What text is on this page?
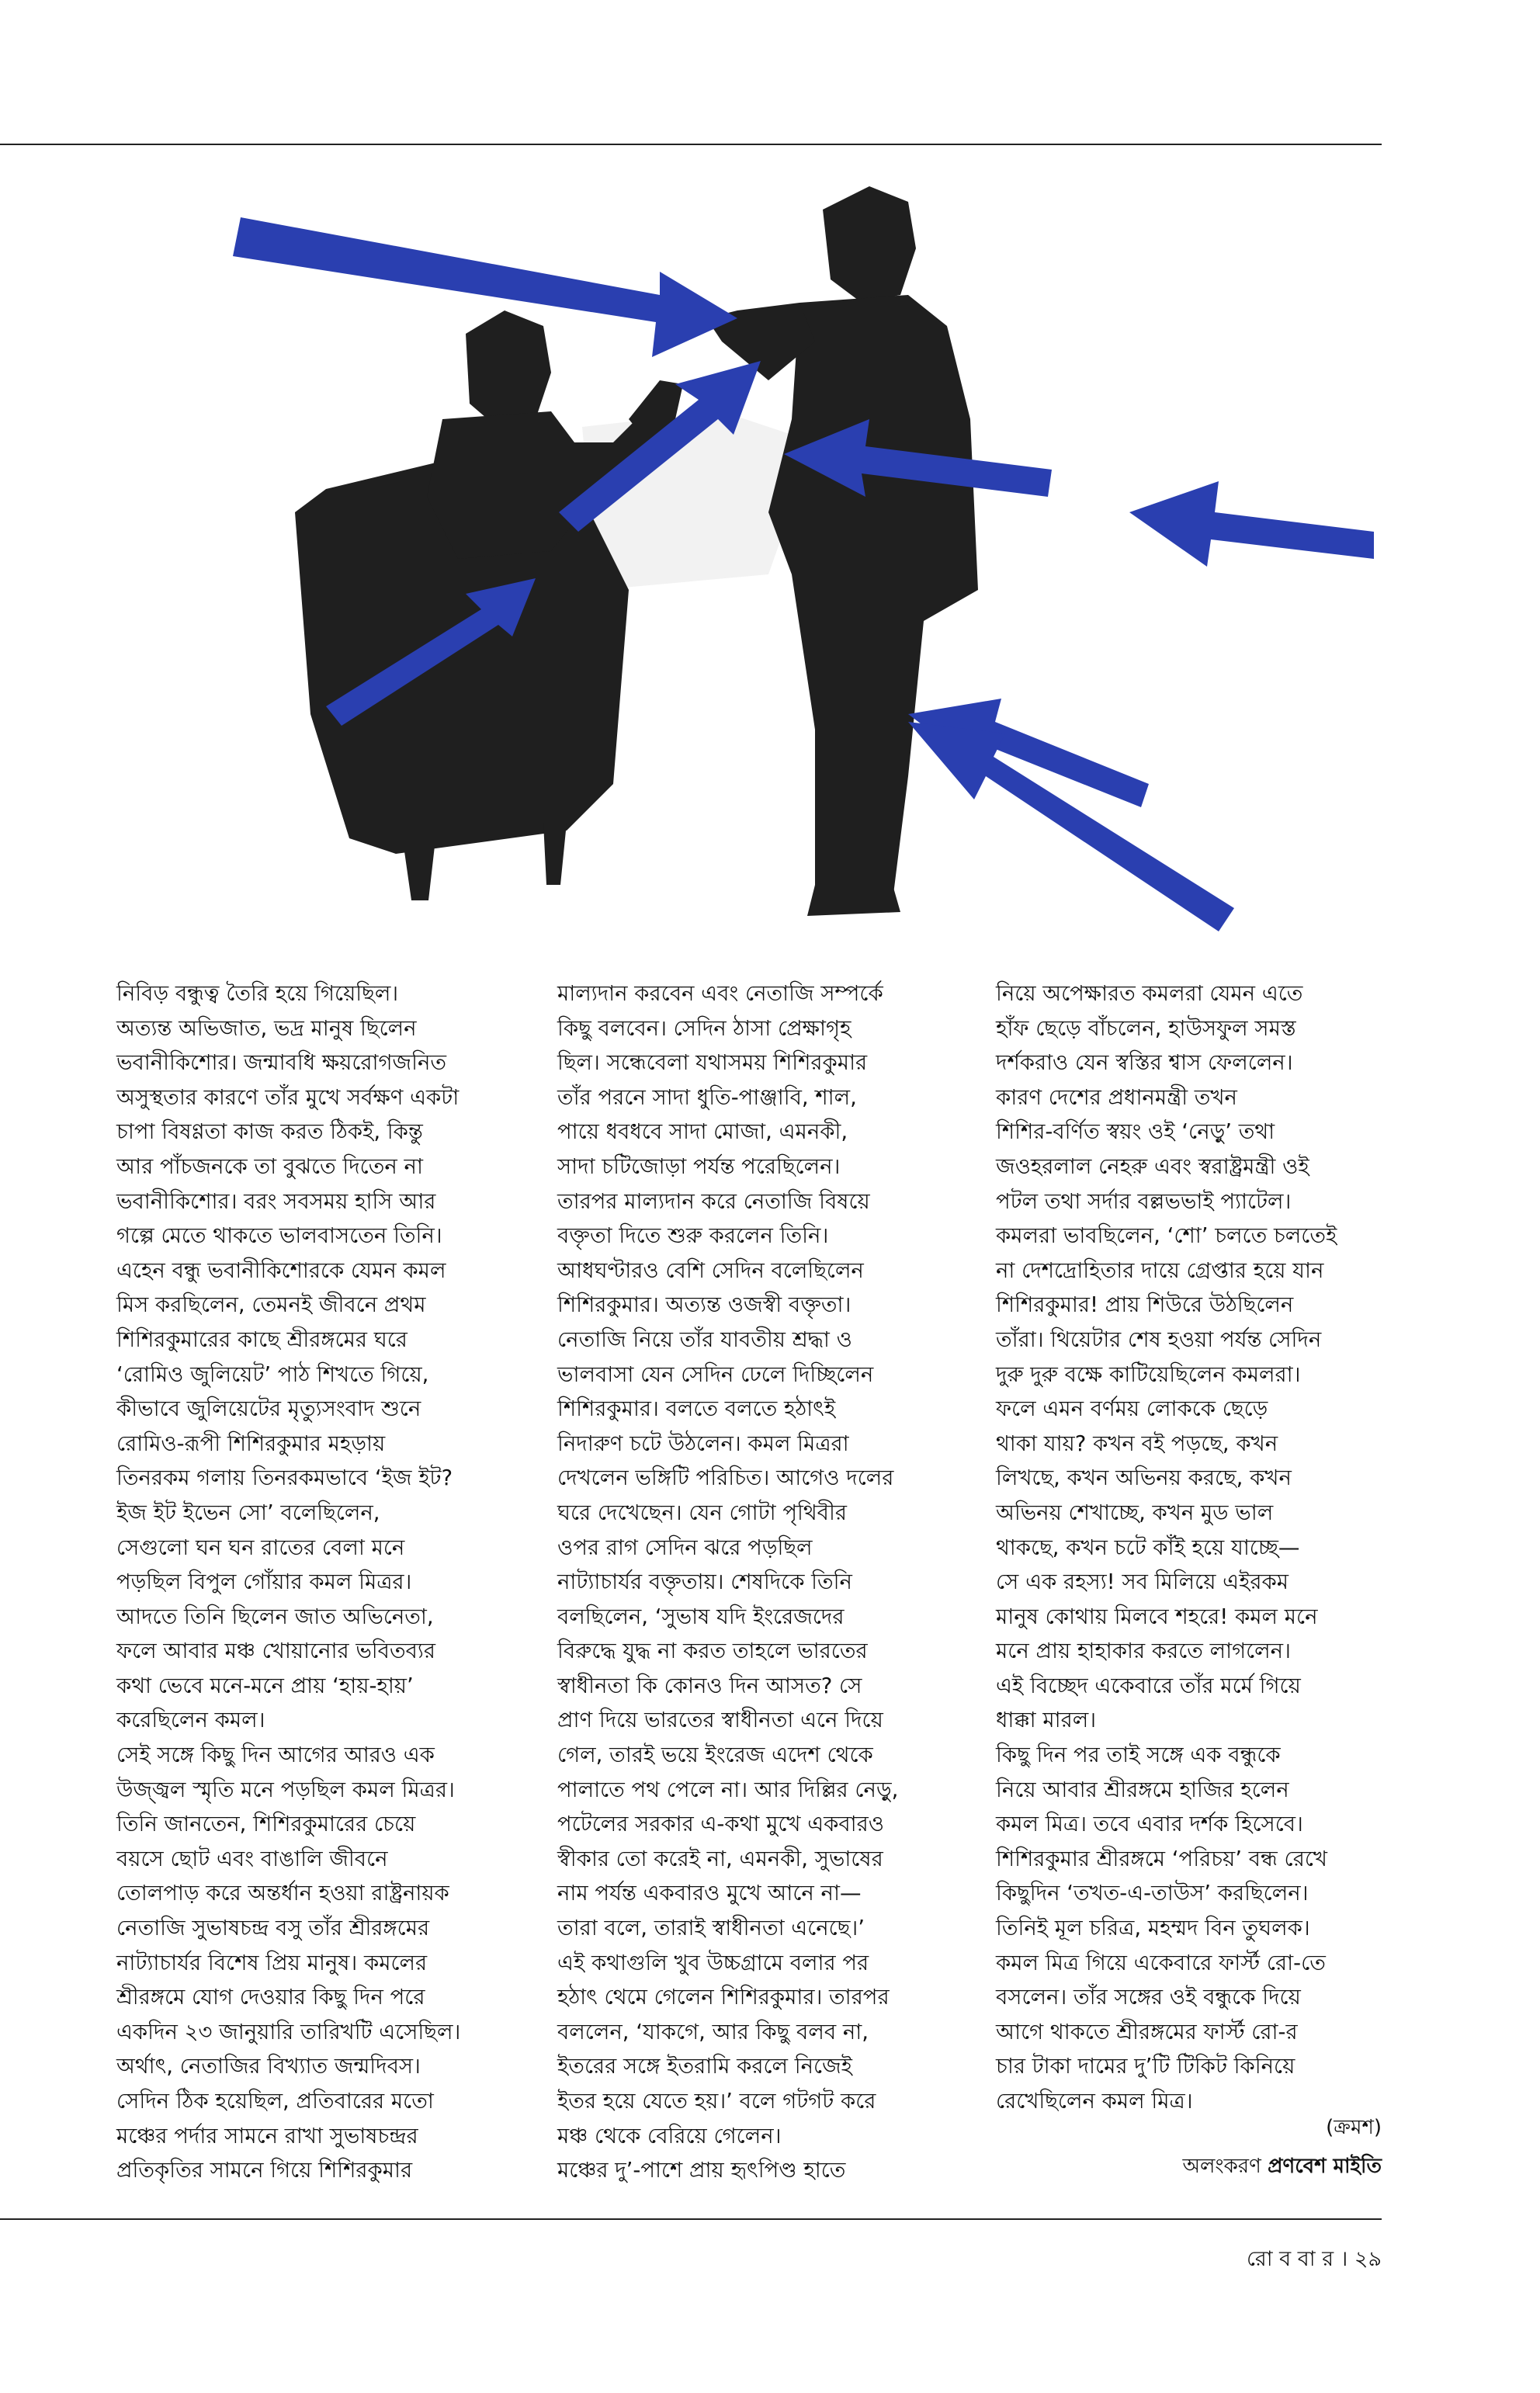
নিবিড় বন্ধুত্ব তৈরি হয়ে গিয়েছিল।
অত্যন্ত অভিজাত, ভদ্র মানুষ ছিলেন
ভবানীকিশোর। জন্মাবধি ক্ষয়রোগজনিত
অসুস্থতার কারণে তাঁর মুখে সর্বক্ষণ একটা
চাপা বিষণ্ণতা কাজ করত ঠিকই, কিন্তু
আর পাঁচজনকে তা বুঝতে দিতেন না
ভবানীকিশোর। বরং সবসময় হাসি আর
গল্পে মেতে থাকতে ভালবাসতেন তিনি।
এহেন বন্ধু ভবানীকিশোরকে যেমন কমল
মিস করছিলেন, তেমনই জীবনে প্রথম
শিশিরকুমারের কাছে শ্রীরঙ্গমের ঘরে
‘রোমিও জুলিয়েট’ পাঠ শিখতে গিয়ে,
কীভাবে জুলিয়েটের মৃত্যুসংবাদ শুনে
রোমিও-রূপী শিশিরকুমার মহড়ায়
তিনরকম গলায় তিনরকমভাবে ‘ইজ ইট?
ইজ ইট ইভেন সো’ বলেছিলেন,
সেগুলো ঘন ঘন রাতের বেলা মনে
পড়ছিল বিপুল গোঁয়ার কমল মিত্রর।
আদতে তিনি ছিলেন জাত অভিনেতা,
ফলে আবার মঞ্চ খোয়ানোর ভবিতব্যর
কথা ভেবে মনে-মনে প্রায় ‘হায়-হায়’
করেছিলেন কমল।
সেই সঙ্গে কিছু দিন আগের আরও এক
উজ্জ্বল স্মৃতি মনে পড়ছিল কমল মিত্রর।
তিনি জানতেন, শিশিরকুমারের চেয়ে
বয়সে ছোট এবং বাঙালি জীবনে
তোলপাড় করে অন্তর্ধান হওয়া রাষ্ট্রনায়ক
নেতাজি সুভাষচন্দ্র বসু তাঁর শ্রীরঙ্গমের
নাট্যাচার্যর বিশেষ প্রিয় মানুষ। কমলের
শ্রীরঙ্গমে যোগ দেওয়ার কিছু দিন পরে
একদিন ২৩ জানুয়ারি তারিখটি এসেছিল।
অর্থাৎ, নেতাজির বিখ্যাত জন্মদিবস।
সেদিন ঠিক হয়েছিল, প্রতিবারের মতো
মঞ্চের পর্দার সামনে রাখা সুভাষচন্দ্রর
প্রতিকৃতির সামনে গিয়ে শিশিরকুমার
মাল্যদান করবেন এবং নেতাজি সম্পর্কে
কিছু বলবেন। সেদিন ঠাসা প্রেক্ষাগৃহ
ছিল। সন্ধেবেলা যথাসময় শিশিরকুমার
তাঁর পরনে সাদা ধুতি-পাঞ্জাবি, শাল,
পায়ে ধবধবে সাদা মোজা, এমনকী,
সাদা চটিজোড়া পর্যন্ত পরেছিলেন।
তারপর মাল্যদান করে নেতাজি বিষয়ে
বক্তৃতা দিতে শুরু করলেন তিনি।
আধঘণ্টারও বেশি সেদিন বলেছিলেন
শিশিরকুমার। অত্যন্ত ওজস্বী বক্তৃতা।
নেতাজি নিয়ে তাঁর যাবতীয় শ্রদ্ধা ও
ভালবাসা যেন সেদিন ঢেলে দিচ্ছিলেন
শিশিরকুমার। বলতে বলতে হঠাৎই
নিদারুণ চটে উঠলেন। কমল মিত্ররা
দেখলেন ভঙ্গিটি পরিচিত। আগেও দলের
ঘরে দেখেছেন। যেন গোটা পৃথিবীর
ওপর রাগ সেদিন ঝরে পড়ছিল
নাট্যাচার্যর বক্তৃতায়। শেষদিকে তিনি
বলছিলেন, ‘সুভাষ যদি ইংরেজদের
বিরুদ্ধে যুদ্ধ না করত তাহলে ভারতের
স্বাধীনতা কি কোনও দিন আসত? সে
প্রাণ দিয়ে ভারতের স্বাধীনতা এনে দিয়ে
গেল, তারই ভয়ে ইংরেজ এদেশ থেকে
পালাতে পথ পেলে না। আর দিল্লির নেড়ু,
পটেলের সরকার এ-কথা মুখে একবারও
স্বীকার তো করেই না, এমনকী, সুভাষের
নাম পর্যন্ত একবারও মুখে আনে না—
তারা বলে, তারাই স্বাধীনতা এনেছে।’
এই কথাগুলি খুব উচ্চগ্রামে বলার পর
হঠাৎ থেমে গেলেন শিশিরকুমার। তারপর
বললেন, ‘যাকগে, আর কিছু বলব না,
ইতরের সঙ্গে ইতরামি করলে নিজেই
ইতর হয়ে যেতে হয়।’ বলে গটগট করে
মঞ্চ থেকে বেরিয়ে গেলেন।
মঞ্চের দু’-পাশে প্রায় হৃৎপিণ্ড হাতে
নিয়ে অপেক্ষারত কমলরা যেমন এতে
হাঁফ ছেড়ে বাঁচলেন, হাউসফুল সমস্ত
দর্শকরাও যেন স্বস্তির শ্বাস ফেললেন।
কারণ দেশের প্রধানমন্ত্রী তখন
শিশির-বর্ণিত স্বয়ং ওই ‘নেড়ু’ তথা
জওহরলাল নেহরু এবং স্বরাষ্ট্রমন্ত্রী ওই
পটল তথা সর্দার বল্লভভাই প্যাটেল।
কমলরা ভাবছিলেন, ‘শো’ চলতে চলতেই
না দেশদ্রোহিতার দায়ে গ্রেপ্তার হয়ে যান
শিশিরকুমার! প্রায় শিউরে উঠছিলেন
তাঁরা। থিয়েটার শেষ হওয়া পর্যন্ত সেদিন
দুরু দুরু বক্ষে কাটিয়েছিলেন কমলরা।
ফলে এমন বর্ণময় লোককে ছেড়ে
থাকা যায়? কখন বই পড়ছে, কখন
লিখছে, কখন অভিনয় করছে, কখন
অভিনয় শেখাচ্ছে, কখন মুড ভাল
থাকছে, কখন চটে কাঁই হয়ে যাচ্ছে—
সে এক রহস্য! সব মিলিয়ে এইরকম
মানুষ কোথায় মিলবে শহরে! কমল মনে
মনে প্রায় হাহাকার করতে লাগলেন।
এই বিচ্ছেদ একেবারে তাঁর মর্মে গিয়ে
ধাক্কা মারল।
কিছু দিন পর তাই সঙ্গে এক বন্ধুকে
নিয়ে আবার শ্রীরঙ্গমে হাজির হলেন
কমল মিত্র। তবে এবার দর্শক হিসেবে।
শিশিরকুমার শ্রীরঙ্গমে ‘পরিচয়’ বন্ধ রেখে
কিছুদিন ‘তখত-এ-তাউস’ করছিলেন।
তিনিই মূল চরিত্র, মহম্মদ বিন তুঘলক।
কমল মিত্র গিয়ে একেবারে ফার্স্ট রো-তে
বসলেন। তাঁর সঙ্গের ওই বন্ধুকে দিয়ে
আগে থাকতে শ্রীরঙ্গমের ফার্স্ট রো-র
চার টাকা দামের দু’টি টিকিট কিনিয়ে
রেখেছিলেন কমল মিত্র।
(ক্রমশ)
অলংকরণ প্রণবেশ মাইতি
রো ব বা র । ২৯
